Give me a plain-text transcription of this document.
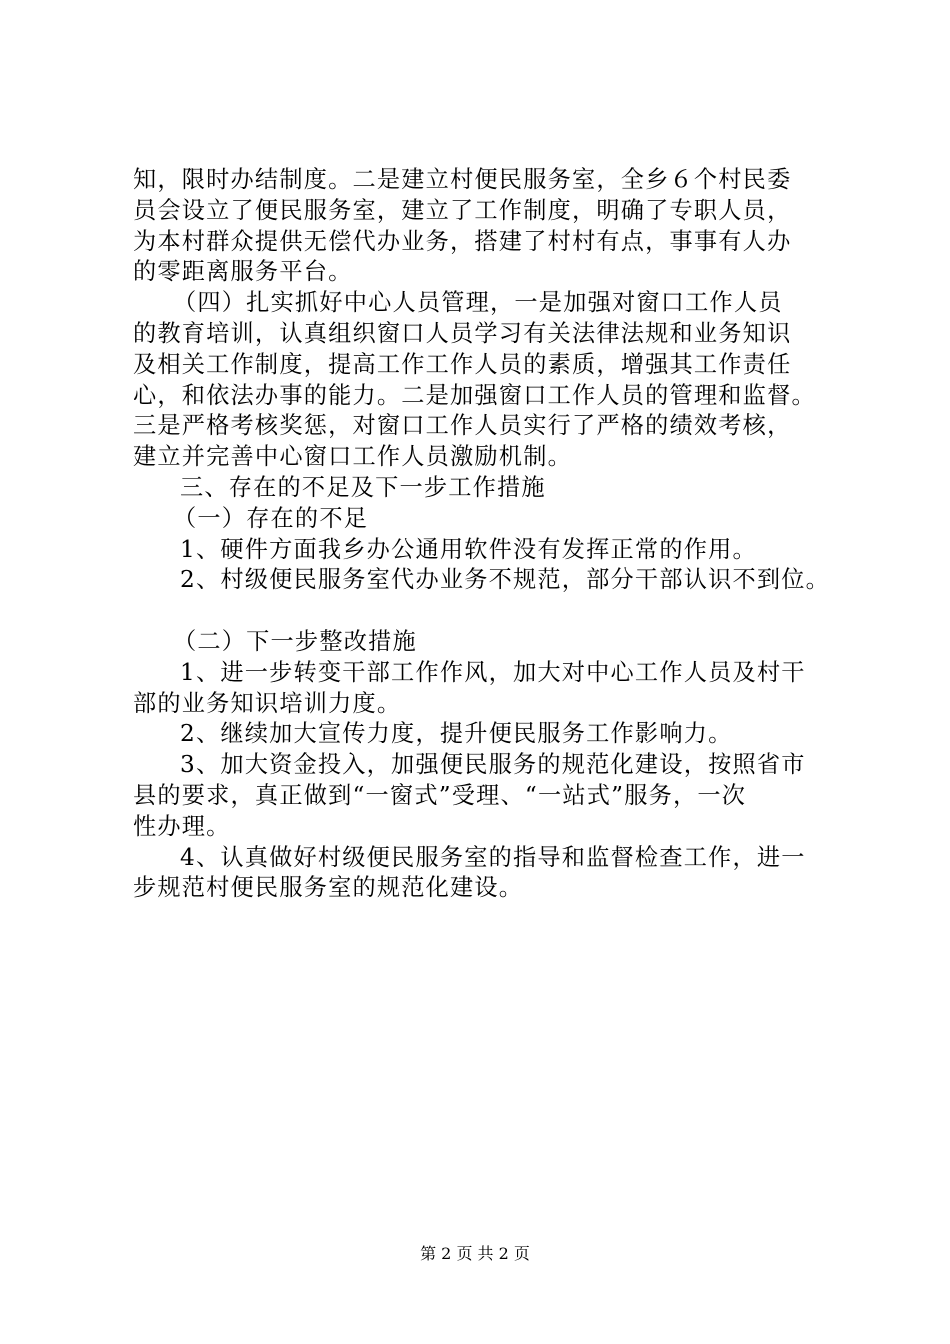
知，限时办结制度。二是建立村便民服务室，全乡６个村民委
员会设立了便民服务室，建立了工作制度，明确了专职人员，
为本村群众提供无偿代办业务，搭建了村村有点，事事有人办
的零距离服务平台。
（四）扎实抓好中心人员管理，一是加强对窗口工作人员
的教育培训，认真组织窗口人员学习有关法律法规和业务知识
及相关工作制度，提高工作工作人员的素质，增强其工作责任
心，和依法办事的能力。二是加强窗口工作人员的管理和监督。
三是严格考核奖惩，对窗口工作人员实行了严格的绩效考核，
建立并完善中心窗口工作人员激励机制。
三、存在的不足及下一步工作措施
（一）存在的不足
1、硬件方面我乡办公通用软件没有发挥正常的作用。
2、村级便民服务室代办业务不规范，部分干部认识不到位。
（二）下一步整改措施
1、进一步转变干部工作作风，加大对中心工作人员及村干
部的业务知识培训力度。
2、继续加大宣传力度，提升便民服务工作影响力。
3、加大资金投入，加强便民服务的规范化建设，按照省市
县的要求，真正做到“一窗式”受理、“一站式”服务，一次
性办理。
4、认真做好村级便民服务室的指导和监督检查工作，进一
步规范村便民服务室的规范化建设。
第 2 页 共 2 页
